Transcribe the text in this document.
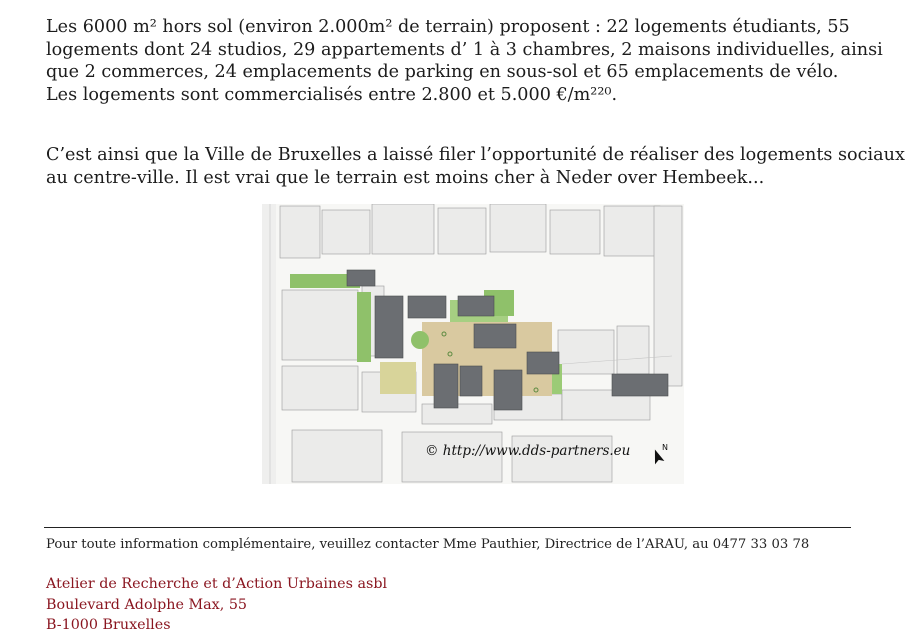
Les 6000 m² hors sol (environ 2.000m² de terrain) proposent : 22 logements étudiants, 55
logements dont 24 studios, 29 appartements d’ 1 à 3 chambres, 2 maisons individuelles, ainsi
que 2 commerces, 24 emplacements de parking en sous-sol et 65 emplacements de vélo.
Les logements sont commercialisés entre 2.800 et 5.000 €/m²²⁰.
C’est ainsi que la Ville de Bruxelles a laissé filer l’opportunité de réaliser des logements sociaux
au centre-ville. Il est vrai que le terrain est moins cher à Neder over Hembeek...
N
© http://www.dds-partners.eu
Pour toute information complémentaire, veuillez contacter Mme Pauthier, Directrice de l’ARAU, au 0477 33 03 78
Atelier de Recherche et d’Action Urbaines asbl
Boulevard Adolphe Max, 55
B-1000 Bruxelles
